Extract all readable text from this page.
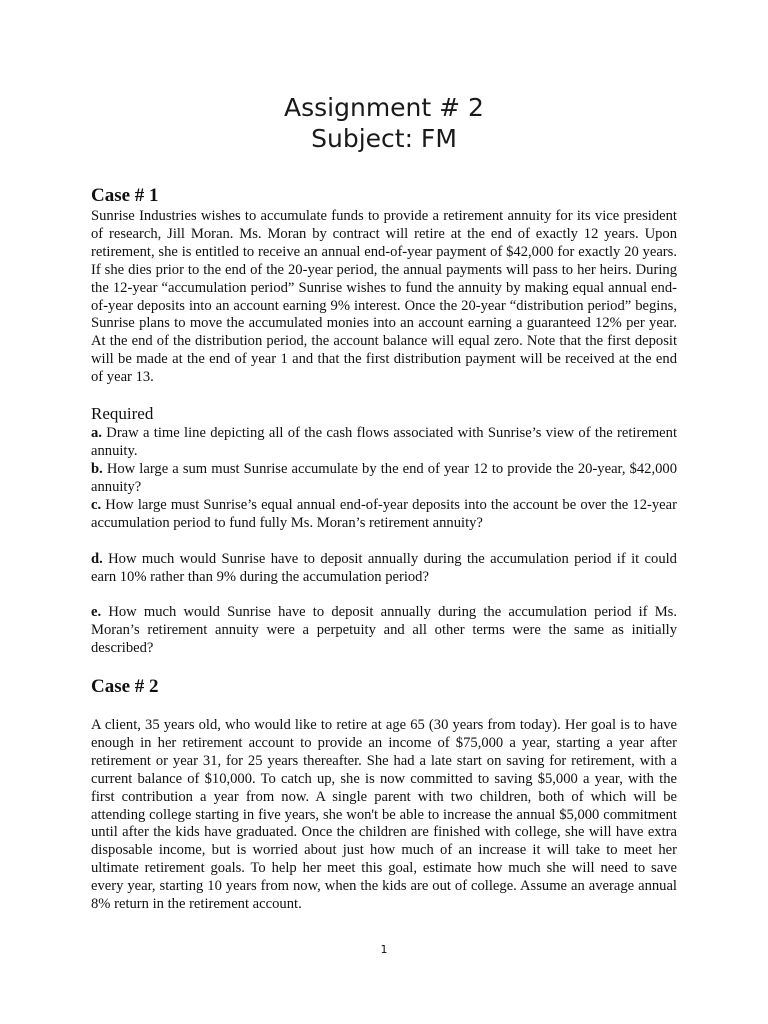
Assignment # 2
Subject: FM
Case # 1
Sunrise Industries wishes to accumulate funds to provide a retirement annuity for its vice president of research, Jill Moran. Ms. Moran by contract will retire at the end of exactly 12 years. Upon retirement, she is entitled to receive an annual end-of-year payment of $42,000 for exactly 20 years. If she dies prior to the end of the 20-year period, the annual payments will pass to her heirs. During the 12-year “accumulation period” Sunrise wishes to fund the annuity by making equal annual end-of-year deposits into an account earning 9% interest. Once the 20-year “distribution period” begins, Sunrise plans to move the accumulated monies into an account earning a guaranteed 12% per year. At the end of the distribution period, the account balance will equal zero. Note that the first deposit will be made at the end of year 1 and that the first distribution payment will be received at the end of year 13.
Required
a. Draw a time line depicting all of the cash flows associated with Sunrise’s view of the retirement annuity.
b. How large a sum must Sunrise accumulate by the end of year 12 to provide the 20-year, $42,000 annuity?
c. How large must Sunrise’s equal annual end-of-year deposits into the account be over the 12-year accumulation period to fund fully Ms. Moran’s retirement annuity?
d. How much would Sunrise have to deposit annually during the accumulation period if it could earn 10% rather than 9% during the accumulation period?
e. How much would Sunrise have to deposit annually during the accumulation period if Ms. Moran’s retirement annuity were a perpetuity and all other terms were the same as initially described?
Case # 2
A client, 35 years old, who would like to retire at age 65 (30 years from today). Her goal is to have enough in her retirement account to provide an income of $75,000 a year, starting a year after retirement or year 31, for 25 years thereafter. She had a late start on saving for retirement, with a current balance of $10,000. To catch up, she is now committed to saving $5,000 a year, with the first contribution a year from now. A single parent with two children, both of which will be attending college starting in five years, she won't be able to increase the annual $5,000 commitment until after the kids have graduated. Once the children are finished with college, she will have extra disposable income, but is worried about just how much of an increase it will take to meet her ultimate retirement goals. To help her meet this goal, estimate how much she will need to save every year, starting 10 years from now, when the kids are out of college. Assume an average annual 8% return in the retirement account.
1
